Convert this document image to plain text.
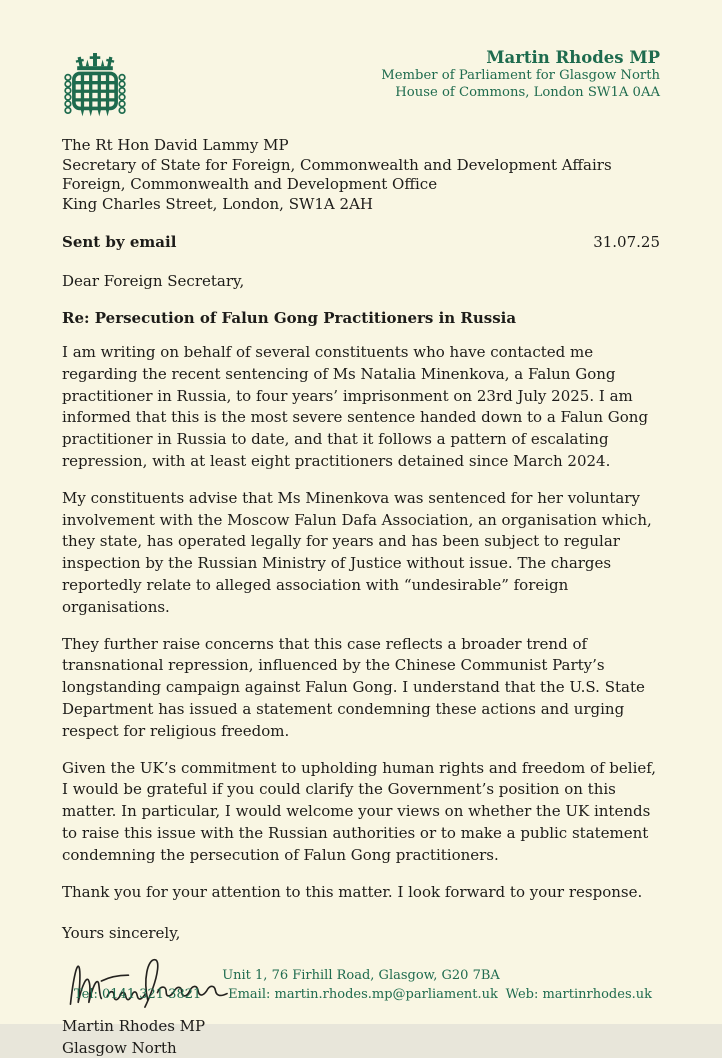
Martin Rhodes MP
Member of Parliament for Glasgow North
House of Commons, London SW1A 0AA
The Rt Hon David Lammy MP
Secretary of State for Foreign, Commonwealth and Development Affairs
Foreign, Commonwealth and Development Office
King Charles Street, London, SW1A 2AH
Sent by email	31.07.25
Dear Foreign Secretary,
Re: Persecution of Falun Gong Practitioners in Russia

I am writing on behalf of several constituents who have contacted me regarding the recent sentencing of Ms Natalia Minenkova, a Falun Gong practitioner in Russia, to four years’ imprisonment on 23rd July 2025. I am informed that this is the most severe sentence handed down to a Falun Gong practitioner in Russia to date, and that it follows a pattern of escalating repression, with at least eight practitioners detained since March 2024.

My constituents advise that Ms Minenkova was sentenced for her voluntary involvement with the Moscow Falun Dafa Association, an organisation which, they state, has operated legally for years and has been subject to regular inspection by the Russian Ministry of Justice without issue. The charges reportedly relate to alleged association with “undesirable” foreign organisations.

They further raise concerns that this case reflects a broader trend of transnational repression, influenced by the Chinese Communist Party’s longstanding campaign against Falun Gong. I understand that the U.S. State Department has issued a statement condemning these actions and urging respect for religious freedom.

Given the UK’s commitment to upholding human rights and freedom of belief, I would be grateful if you could clarify the Government’s position on this matter. In particular, I would welcome your views on whether the UK intends to raise this issue with the Russian authorities or to make a public statement condemning the persecution of Falun Gong practitioners.

Thank you for your attention to this matter. I look forward to your response.

Yours sincerely,
Martin Rhodes MP
Glasgow North
Unit 1, 76 Firhill Road, Glasgow, G20 7BA
Tel: 0141 321 3821 Email: martin.rhodes.mp@parliament.uk Web: martinrhodes.uk
